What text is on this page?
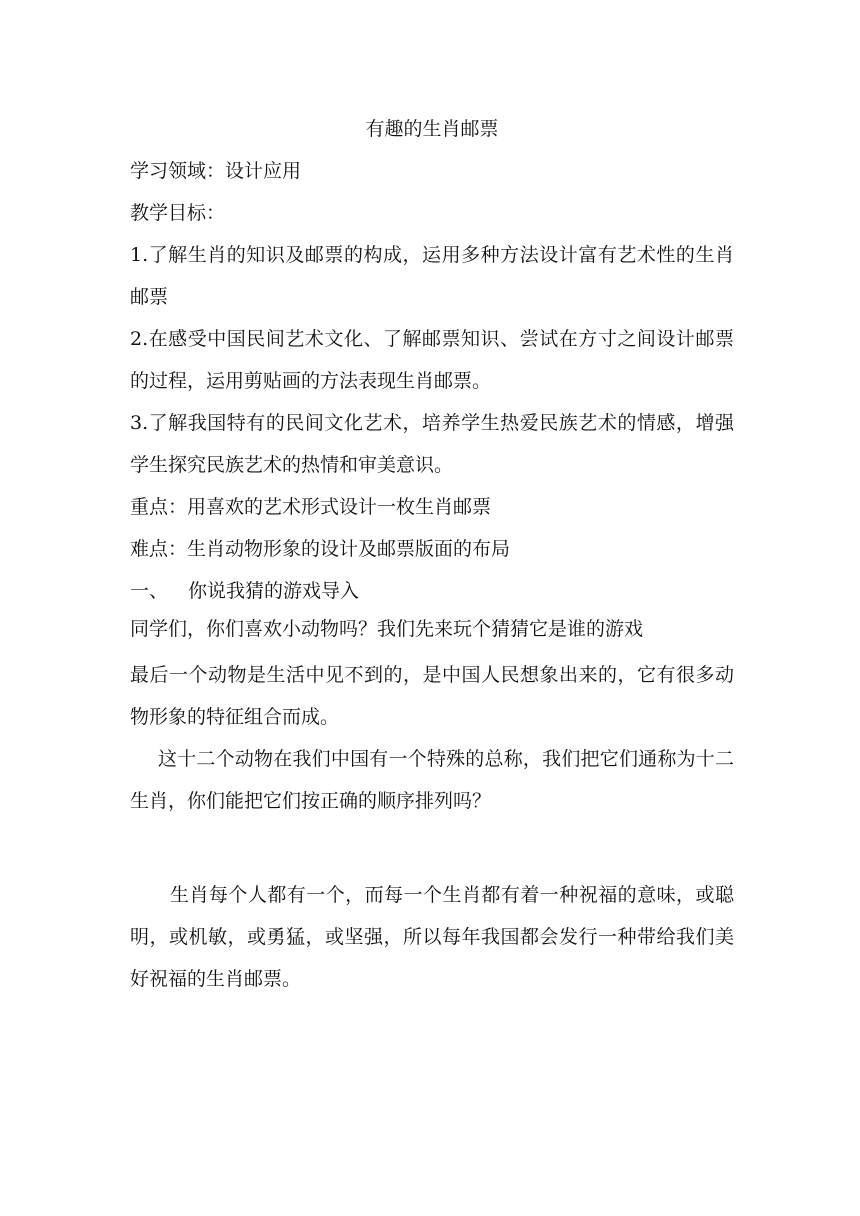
有趣的生肖邮票

学习领域：设计应用

教学目标：

1.了解生肖的知识及邮票的构成，运用多种方法设计富有艺术性的生肖邮票

2.在感受中国民间艺术文化、了解邮票知识、尝试在方寸之间设计邮票的过程，运用剪贴画的方法表现生肖邮票。

3.了解我国特有的民间文化艺术，培养学生热爱民族艺术的情感，增强学生探究民族艺术的热情和审美意识。

重点：用喜欢的艺术形式设计一枚生肖邮票

难点：生肖动物形象的设计及邮票版面的布局

一、 你说我猜的游戏导入

同学们，你们喜欢小动物吗？我们先来玩个猜猜它是谁的游戏

最后一个动物是生活中见不到的，是中国人民想象出来的，它有很多动物形象的特征组合而成。

这十二个动物在我们中国有一个特殊的总称，我们把它们通称为十二生肖，你们能把它们按正确的顺序排列吗？

生肖每个人都有一个，而每一个生肖都有着一种祝福的意味，或聪明，或机敏，或勇猛，或坚强，所以每年我国都会发行一种带给我们美好祝福的生肖邮票。
